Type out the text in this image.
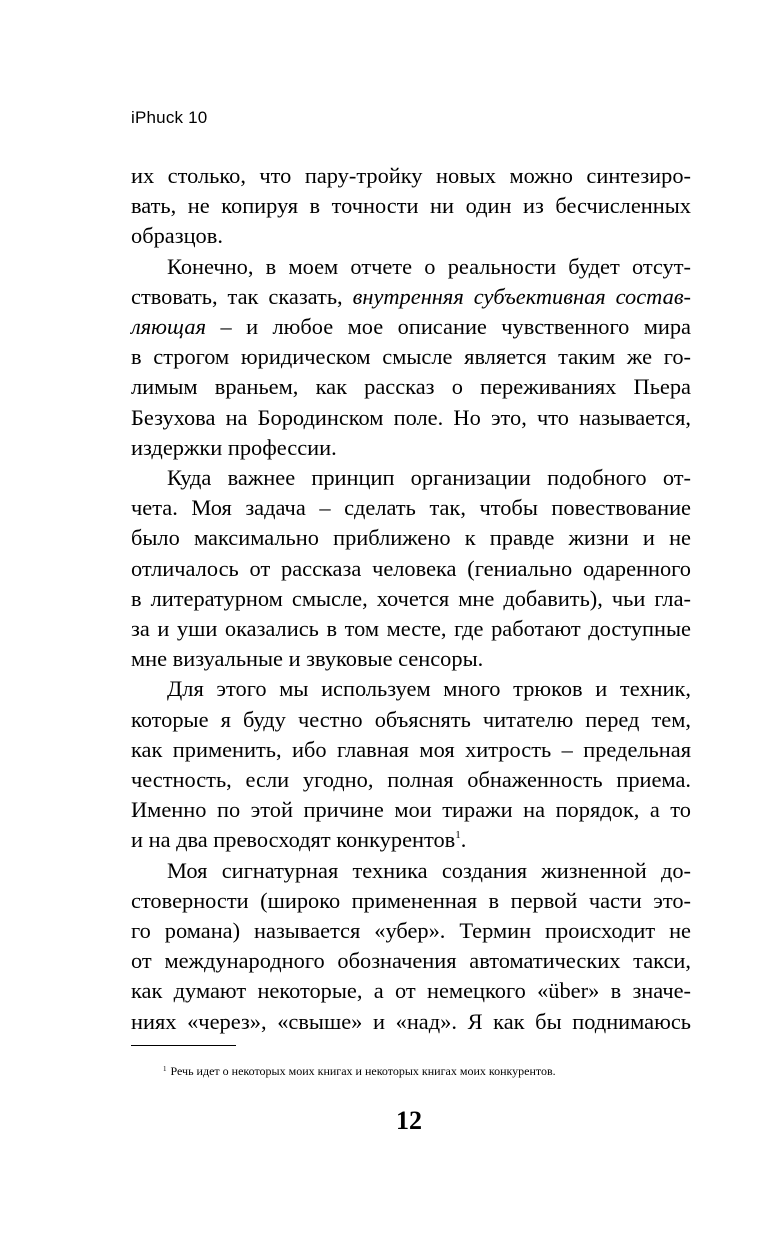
iPhuck 10

их столько, что пару-тройку новых можно синтезиро-
вать, не копируя в точности ни один из бесчисленных

образцов.

Конечно, в моем отчете о реальности будет отсут-
ствовать, так сказать, внутренняя субъективная состав-
ляющая – и любое мое описание чувственного мира
в строгом юридическом смысле является таким же го-
лимым враньем, как рассказ о переживаниях Пьера
Безухова на Бородинском поле. Но это, что называется,

издержки профессии.

Куда важнее принцип организации подобного от-
чета. Моя задача – сделать так, чтобы повествование
было максимально приближено к правде жизни и не
отличалось от рассказа человека (гениально одаренного
в литературном смысле, хочется мне добавить), чьи гла-
за и уши оказались в том месте, где работают доступные

мне визуальные и звуковые сенсоры.

Для этого мы используем много трюков и техник,
которые я буду честно объяснять читателю перед тем,
как применить, ибо главная моя хитрость – предельная
честность, если угодно, полная обнаженность приема.
Именно по этой причине мои тиражи на порядок, а то

и на два превосходят конкурентов$^1$.

Моя сигнатурная техника создания жизненной до-
стоверности (широко примененная в первой части это-
го романа) называется «убер». Термин происходит не
от международного обозначения автоматических такси,
как думают некоторые, а от немецкого «über» в значе-
ниях «через», «свыше» и «над». Я как бы поднимаюсь

$^1$ Речь идет о некоторых моих книгах и некоторых книгах моих конкурентов.
12
